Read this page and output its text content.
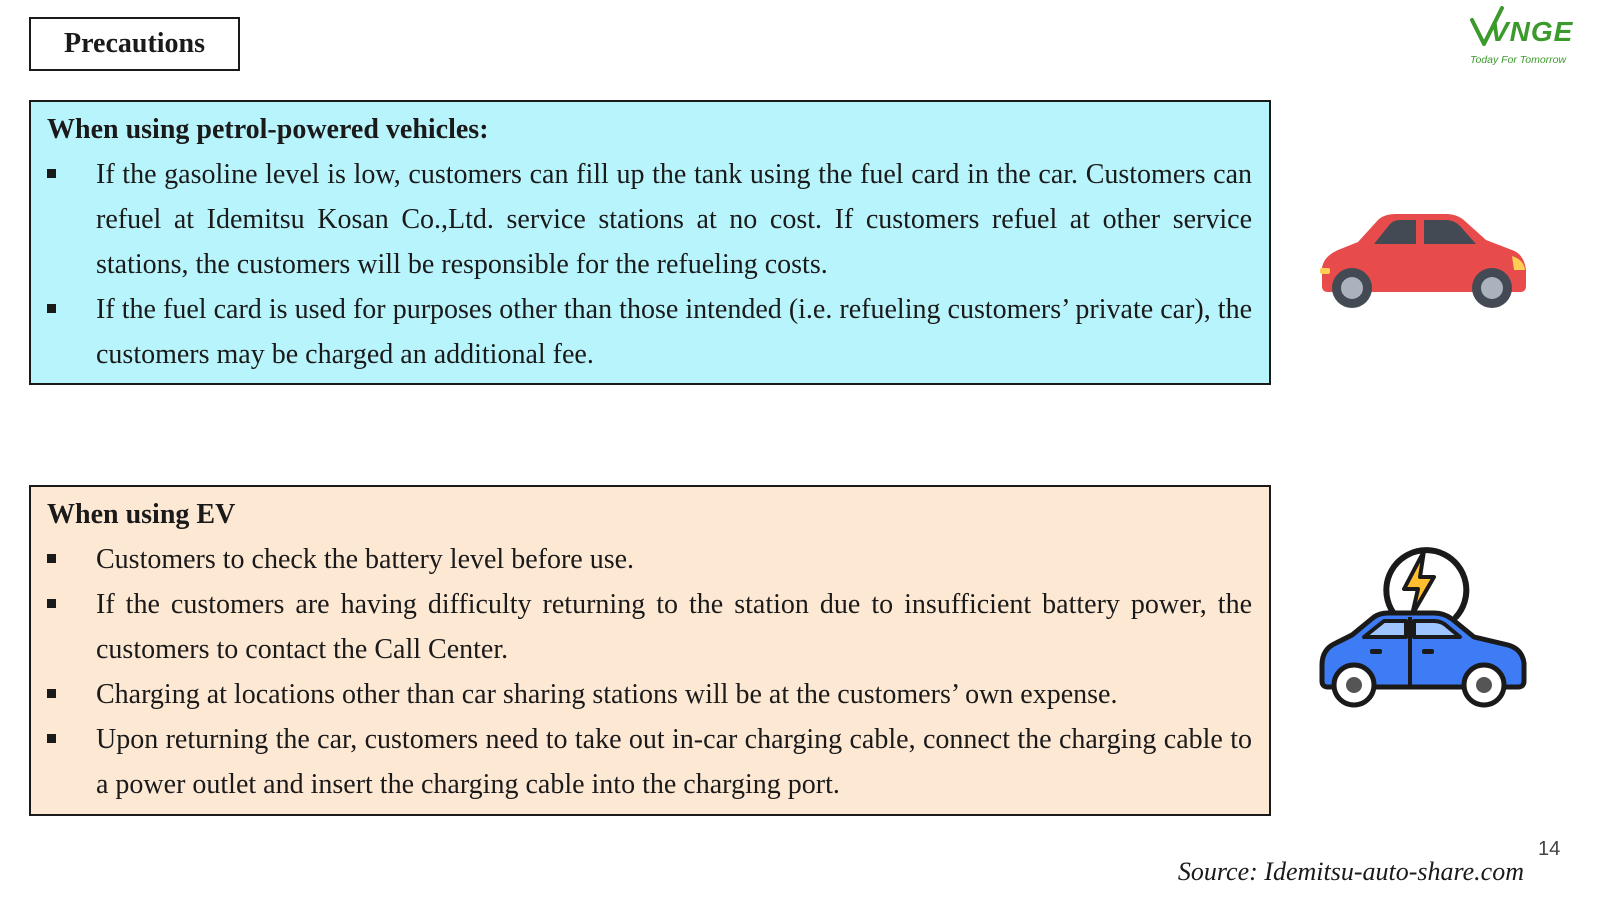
Precautions	VNGE
Today For Tomorrow
When using petrol-powered vehicles:
If the gasoline level is low, customers can fill up the tank using the fuel card in the car. Customers can refuel at Idemitsu Kosan Co.,Ltd. service stations at no cost. If customers refuel at other service stations, the customers will be responsible for the refueling costs.
If the fuel card is used for purposes other than those intended (i.e. refueling customers’ private car), the customers may be charged an additional fee.
When using EV
Customers to check the battery level before use.
If the customers are having difficulty returning to the station due to insufficient battery power, the customers to contact the Call Center.
Charging at locations other than car sharing stations will be at the customers’ own expense.
Upon returning the car, customers need to take out in-car charging cable, connect the charging cable to a power outlet and insert the charging cable into the charging port.
14
Source: Idemitsu-auto-share.com
